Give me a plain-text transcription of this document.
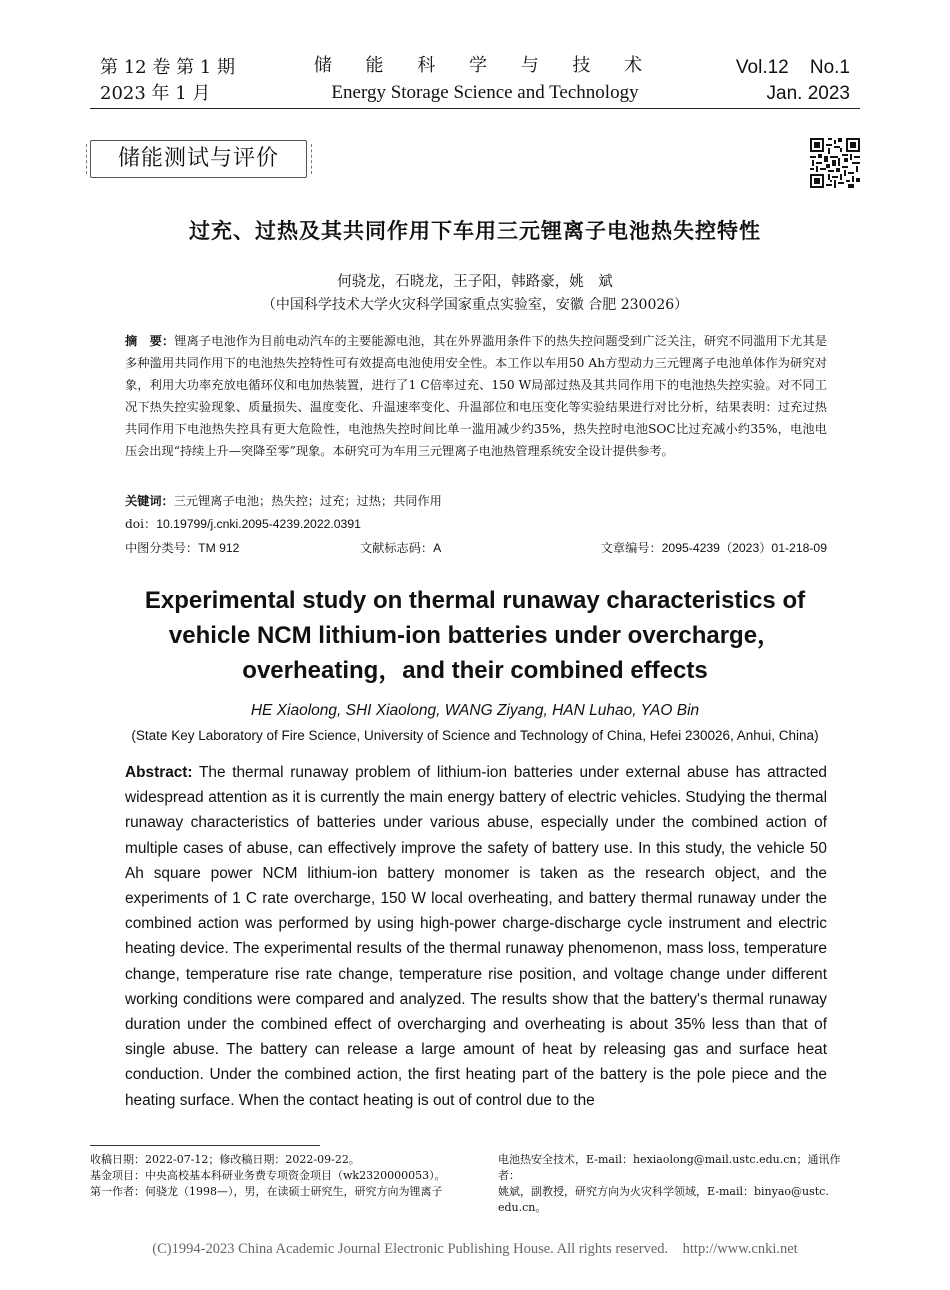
第 12 卷 第 1 期
2023 年 1 月
储 能 科 学 与 技 术
Energy Storage Science and Technology
Vol.12    No.1
Jan. 2023
储能测试与评价
过充、过热及其共同作用下车用三元锂离子电池热失控特性
何骁龙，石晓龙，王子阳，韩路豪，姚　斌
（中国科学技术大学火灾科学国家重点实验室，安徽 合肥 230026）
摘　要：锂离子电池作为目前电动汽车的主要能源电池，其在外界滥用条件下的热失控问题受到广泛关注，研究不同滥用下尤其是多种滥用共同作用下的电池热失控特性可有效提高电池使用安全性。本工作以车用50 Ah方型动力三元锂离子电池单体作为研究对象，利用大功率充放电循环仪和电加热装置，进行了1 C倍率过充、150 W局部过热及其共同作用下的电池热失控实验。对不同工况下热失控实验现象、质量损失、温度变化、升温速率变化、升温部位和电压变化等实验结果进行对比分析，结果表明：过充过热共同作用下电池热失控具有更大危险性，电池热失控时间比单一滥用减少约35%，热失控时电池SOC比过充减小约35%，电池电压会出现“持续上升—突降至零”现象。本研究可为车用三元锂离子电池热管理系统安全设计提供参考。
关键词：三元锂离子电池；热失控；过充；过热；共同作用
doi：10.19799/j.cnki.2095-4239.2022.0391
中图分类号：TM 912	文献标志码：A	文章编号：2095-4239（2023）01-218-09
Experimental study on thermal runaway characteristics of
vehicle NCM lithium-ion batteries under overcharge，
overheating，and their combined effects
HE Xiaolong, SHI Xiaolong, WANG Ziyang, HAN Luhao, YAO Bin
(State Key Laboratory of Fire Science, University of Science and Technology of China, Hefei 230026, Anhui, China)
Abstract: The thermal runaway problem of lithium-ion batteries under external abuse has attracted widespread attention as it is currently the main energy battery of electric vehicles. Studying the thermal runaway characteristics of batteries under various abuse, especially under the combined action of multiple cases of abuse, can effectively improve the safety of battery use. In this study, the vehicle 50 Ah square power NCM lithium-ion battery monomer is taken as the research object, and the experiments of 1 C rate overcharge, 150 W local overheating, and battery thermal runaway under the combined action was performed by using high-power charge-discharge cycle instrument and electric heating device. The experimental results of the thermal runaway phenomenon, mass loss, temperature change, temperature rise rate change, temperature rise position, and voltage change under different working conditions were compared and analyzed. The results show that the battery's thermal runaway duration under the combined effect of overcharging and overheating is about 35% less than that of single abuse. The battery can release a large amount of heat by releasing gas and surface heat conduction. Under the combined action, the first heating part of the battery is the pole piece and the heating surface. When the contact heating is out of control due to the
收稿日期：2022-07-12；修改稿日期：2022-09-22。
基金项目：中央高校基本科研业务费专项资金项目（wk2320000053）。
第一作者：何骁龙（1998—），男，在读硕士研究生，研究方向为锂离子
电池热安全技术，E-mail：hexiaolong@mail.ustc.edu.cn；通讯作者：
姚斌，副教授，研究方向为火灾科学领域，E-mail：binyao@ustc.
edu.cn。
(C)1994-2023 China Academic Journal Electronic Publishing House. All rights reserved.    http://www.cnki.net
